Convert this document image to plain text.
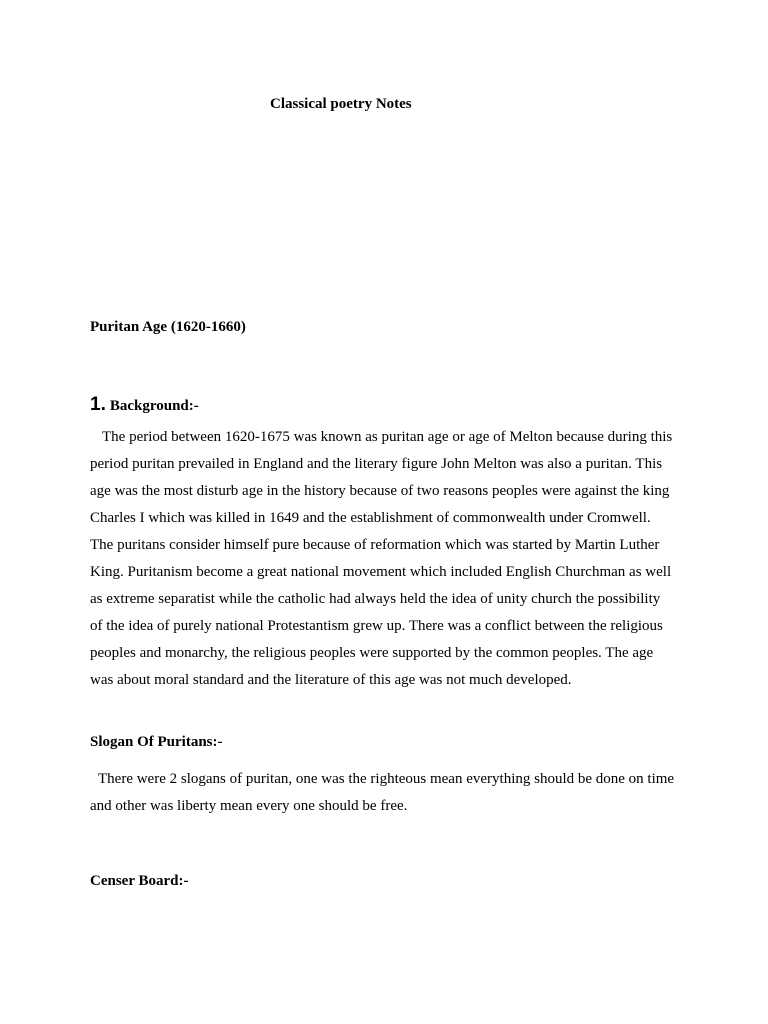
Classical poetry Notes
Puritan Age (1620-1660)
1. Background:-

The period between 1620-1675 was known as puritan age or age of Melton because during this
period puritan prevailed in England and the literary figure John Melton was also a puritan. This
age was the most disturb age in the history because of two reasons peoples were against the king
Charles I which was killed in 1649 and the establishment of commonwealth under Cromwell.
The puritans consider himself pure because of reformation which was started by Martin Luther
King. Puritanism become a great national movement which included English Churchman as well
as extreme separatist while the catholic had always held the idea of unity church the possibility
of the idea of purely national Protestantism grew up. There was a conflict between the religious
peoples and monarchy, the religious peoples were supported by the common peoples. The age
was about moral standard and the literature of this age was not much developed.

Slogan Of Puritans:-

There were 2 slogans of puritan, one was the righteous mean everything should be done on time
and other was liberty mean every one should be free.

Censer Board:-
